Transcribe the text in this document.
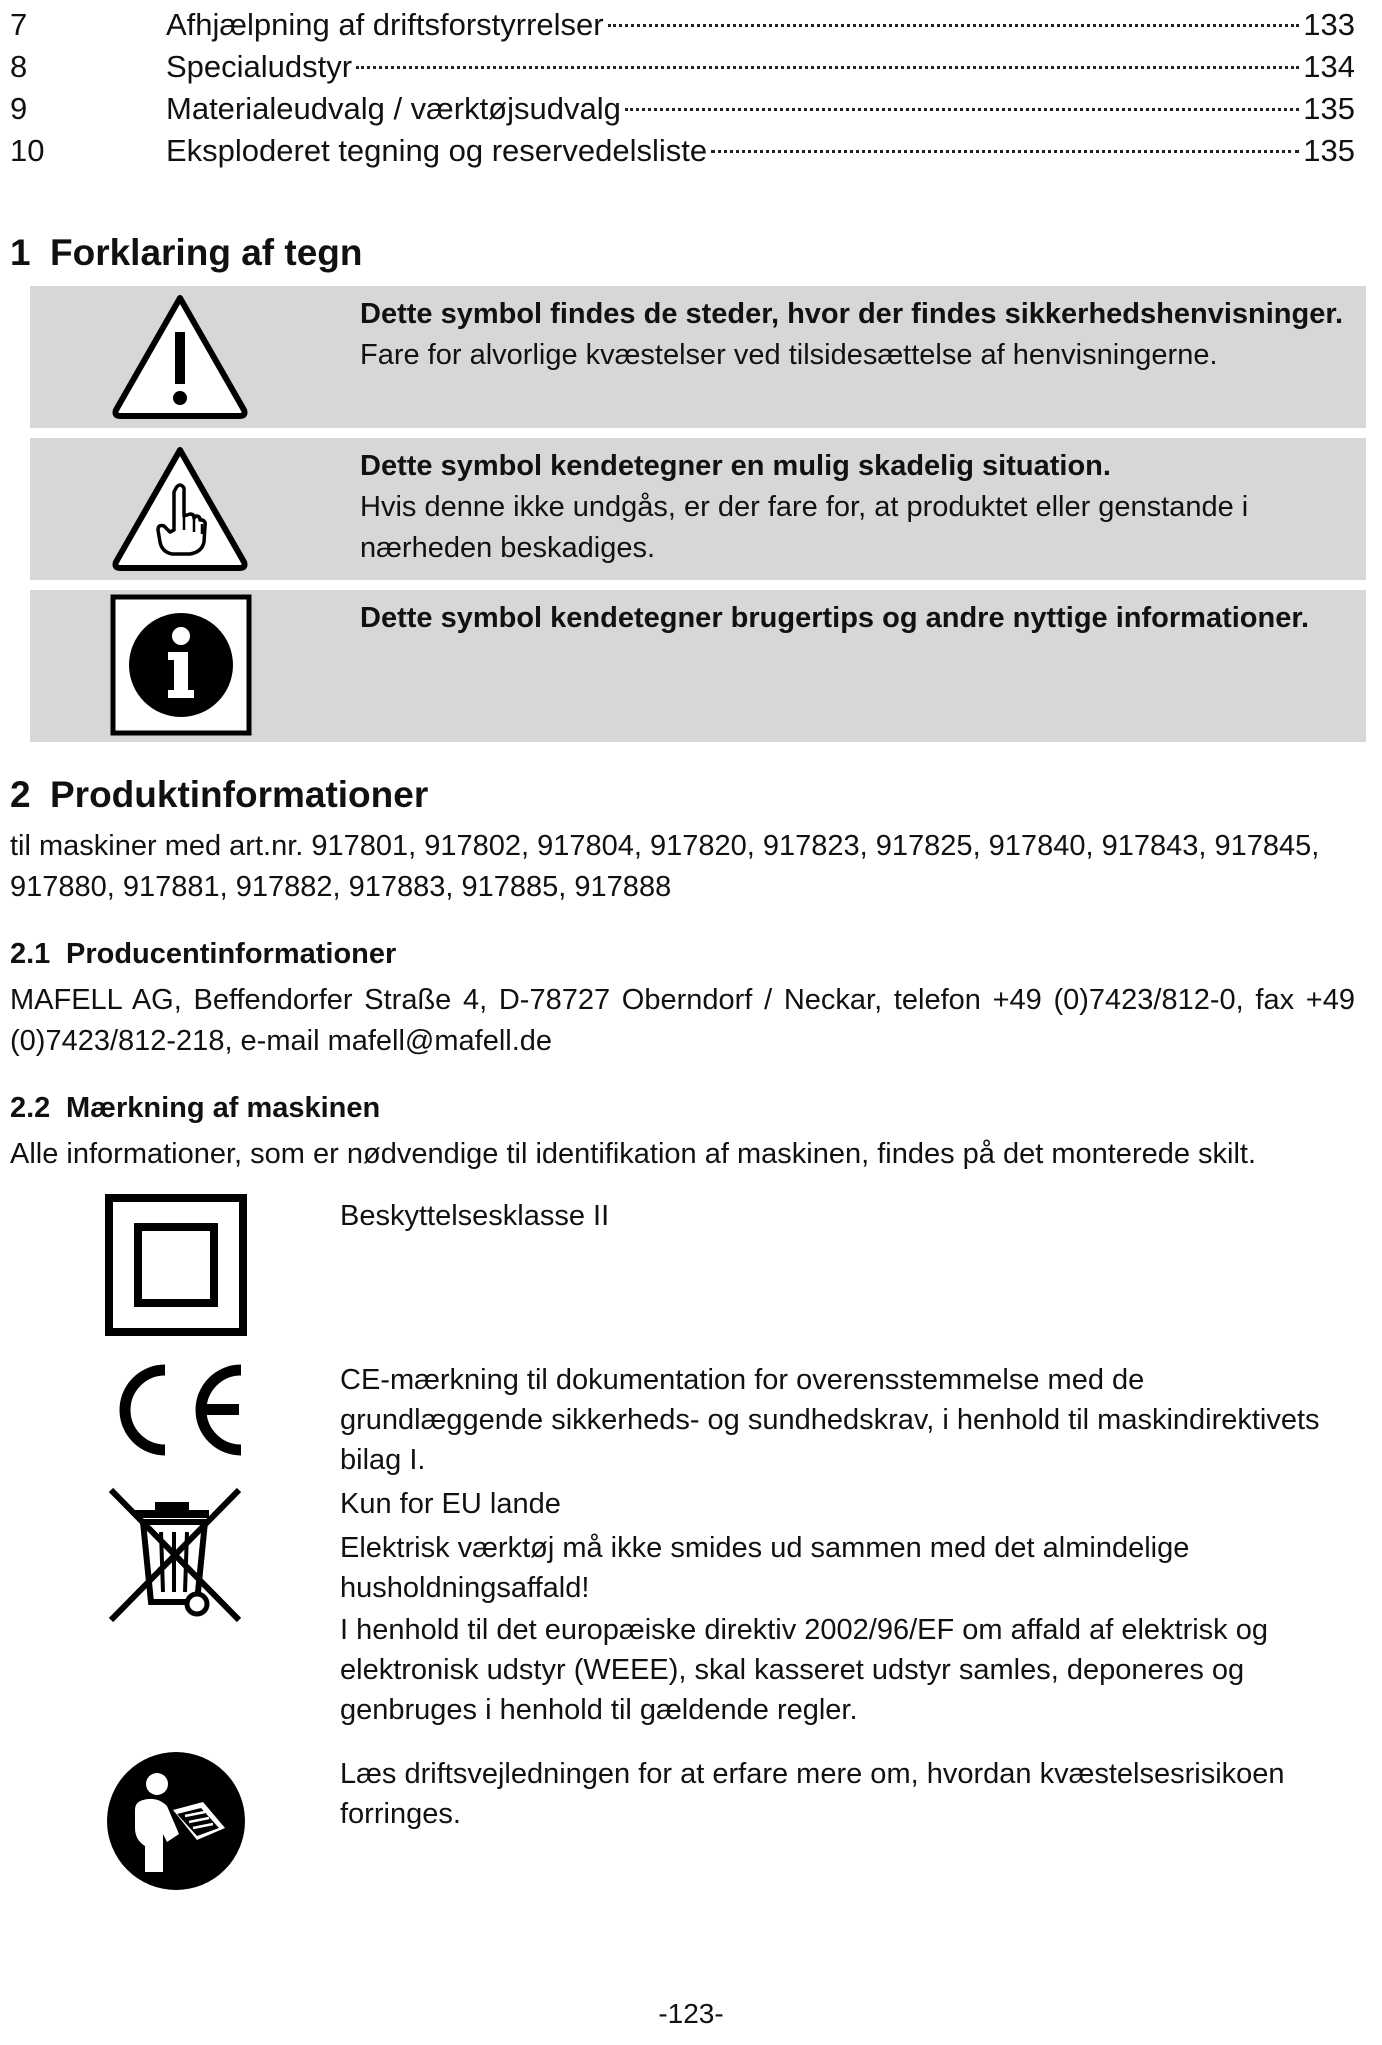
7	Afhjælpning af driftsforstyrrelser	133
8	Specialudstyr	134
9	Materialeudvalg / værktøjsudvalg	135
10	Eksploderet tegning og reservedelsliste	135
1 Forklaring af tegn
Dette symbol findes de steder, hvor der findes sikkerhedshenvisninger.
Fare for alvorlige kvæstelser ved tilsidesættelse af henvisningerne.
Dette symbol kendetegner en mulig skadelig situation.
Hvis denne ikke undgås, er der fare for, at produktet eller genstande i nærheden beskadiges.
Dette symbol kendetegner brugertips og andre nyttige informationer.
2 Produktinformationer
til maskiner med art.nr. 917801, 917802, 917804, 917820, 917823, 917825, 917840, 917843, 917845, 917880, 917881, 917882, 917883, 917885, 917888
2.1 Producentinformationer
MAFELL AG, Beffendorfer Straße 4, D-78727 Oberndorf / Neckar, telefon +49 (0)7423/812-0, fax +49 (0)7423/812-218, e-mail mafell@mafell.de
2.2 Mærkning af maskinen
Alle informationer, som er nødvendige til identifikation af maskinen, findes på det monterede skilt.
Beskyttelsesklasse II
CE-mærkning til dokumentation for overensstemmelse med de grundlæggende sikkerheds- og sundhedskrav, i henhold til maskindirektivets bilag I.
Kun for EU lande
Elektrisk værktøj må ikke smides ud sammen med det almindelige husholdningsaffald!
I henhold til det europæiske direktiv 2002/96/EF om affald af elektrisk og elektronisk udstyr (WEEE), skal kasseret udstyr samles, deponeres og genbruges i henhold til gældende regler.
Læs driftsvejledningen for at erfare mere om, hvordan kvæstelsesrisikoen forringes.
-123-
